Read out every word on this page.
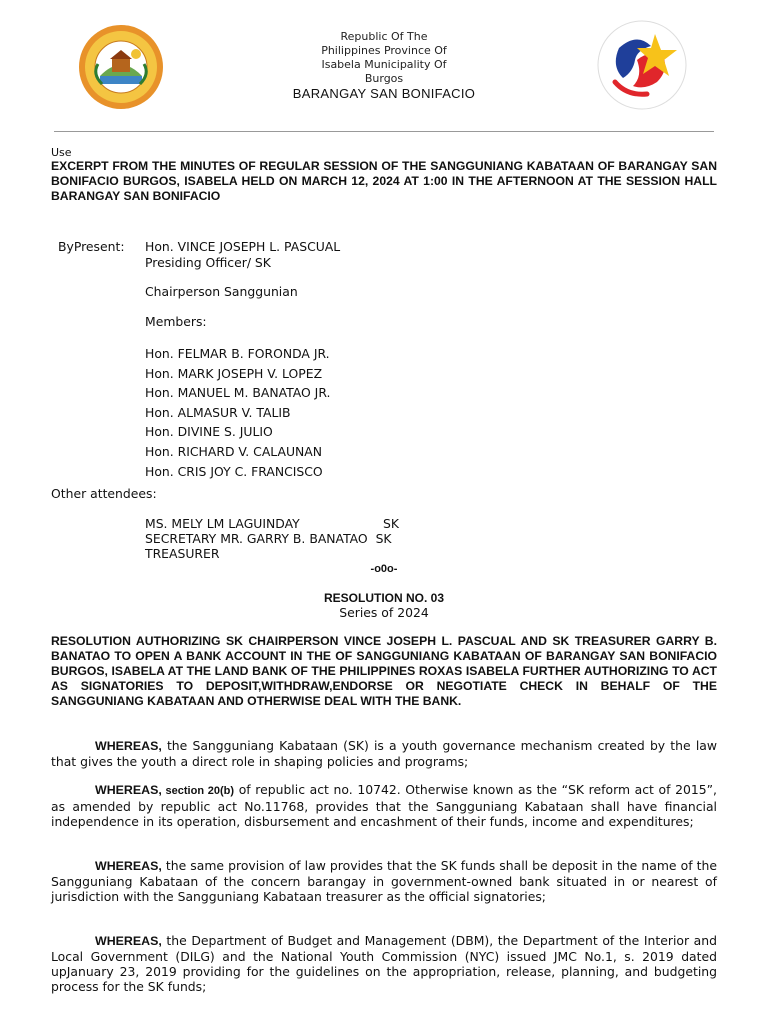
Republic Of The
Philippines Province Of
Isabela Municipality Of
Burgos
BARANGAY SAN BONIFACIO
Use
EXCERPT FROM THE MINUTES OF REGULAR SESSION OF THE SANGGUNIANG KABATAAN OF BARANGAY SAN BONIFACIO BURGOS, ISABELA HELD ON MARCH 12, 2024 AT 1:00 IN THE AFTERNOON AT THE SESSION HALL BARANGAY SAN BONIFACIO
ByPresent: Hon. VINCE JOSEPH L. PASCUAL
Presiding Officer/ SK
Chairperson Sanggunian
Members:
Hon. FELMAR B. FORONDA JR.
Hon. MARK JOSEPH V. LOPEZ
Hon. MANUEL M. BANATAO JR.
Hon. ALMASUR V. TALIB
Hon. DIVINE S. JULIO
Hon. RICHARD V. CALAUNAN
Hon. CRIS JOY C. FRANCISCO
Other attendees:
MS. MELY LM LAGUINDAY	SK
SECRETARY MR. GARRY B. BANATAO  SK
TREASURER
-o0o-
RESOLUTION NO. 03
Series of 2024
RESOLUTION AUTHORIZING SK CHAIRPERSON VINCE JOSEPH L. PASCUAL AND SK TREASURER GARRY B. BANATAO TO OPEN A BANK ACCOUNT IN THE OF SANGGUNIANG KABATAAN OF BARANGAY SAN BONIFACIO BURGOS, ISABELA AT THE LAND BANK OF THE PHILIPPINES ROXAS ISABELA FURTHER AUTHORIZING TO ACT AS SIGNATORIES TO DEPOSIT,WITHDRAW,ENDORSE OR NEGOTIATE CHECK IN BEHALF OF THE SANGGUNIANG KABATAAN AND OTHERWISE DEAL WITH THE BANK.
WHEREAS, the Sangguniang Kabataan (SK) is a youth governance mechanism created by the law that gives the youth a direct role in shaping policies and programs;
WHEREAS, section 20(b) of republic act no. 10742. Otherwise known as the “SK reform act of 2015”, as amended by republic act No.11768, provides that the Sangguniang Kabataan shall have financial independence in its operation, disbursement and encashment of their funds, income and expenditures;
WHEREAS, the same provision of law provides that the SK funds shall be deposit in the name of the Sangguniang Kabataan of the concern barangay in government-owned bank situated in or nearest of jurisdiction with the Sangguniang Kabataan treasurer as the official signatories;
WHEREAS, the Department of Budget and Management (DBM), the Department of the Interior and Local Government (DILG) and the National Youth Commission (NYC) issued JMC No.1, s. 2019 dated upJanuary 23, 2019 providing for the guidelines on the appropriation, release, planning, and budgeting process for the SK funds;
